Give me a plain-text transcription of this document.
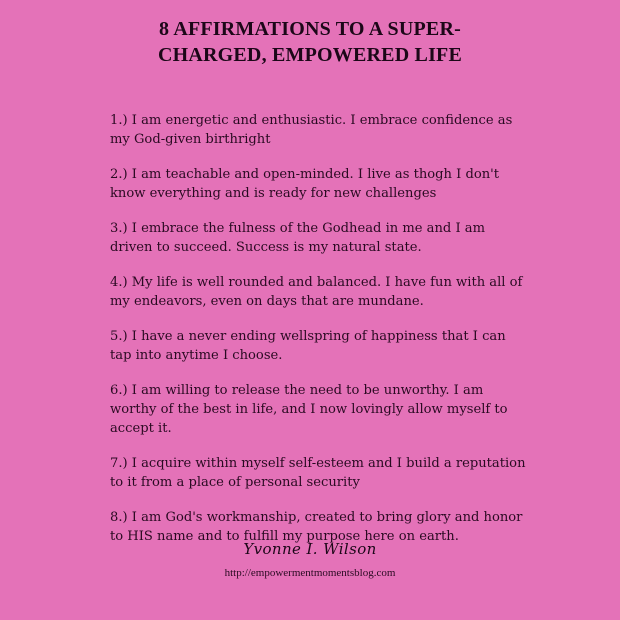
8 AFFIRMATIONS TO A SUPER-
CHARGED, EMPOWERED LIFE
1.) I am energetic and enthusiastic. I embrace confidence as my God-given birthright
2.) I am teachable and open-minded. I live as thogh I don't know everything and is ready for new challenges
3.) I embrace the fulness of the Godhead in me and I am driven to succeed. Success is my natural state.
4.) My life is well rounded and balanced. I have fun with all of my endeavors, even on days that are mundane.
5.) I have a never ending wellspring of happiness that I can tap into anytime I choose.
6.) I am willing to release the need to be unworthy. I am worthy of the best in life, and I now lovingly allow myself to accept it.
7.) I acquire within myself self-esteem and I build a reputation to it from a place of personal security
8.) I am God's workmanship, created to bring glory and honor to HIS name and to fulfill my purpose here on earth.
Yvonne I. Wilson
http://empowermentmomentsblog.com
